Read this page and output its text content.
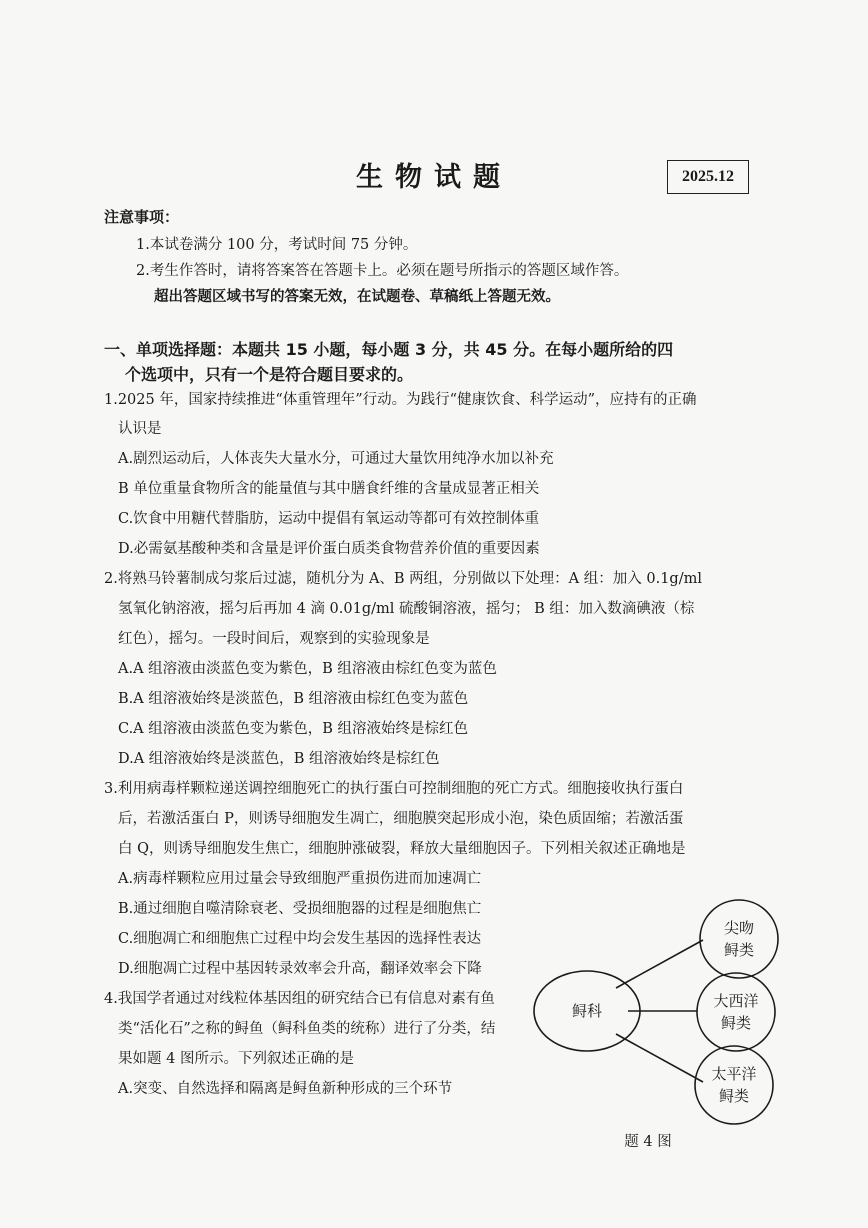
生物试题	2025.12
注意事项：
1.本试卷满分 100 分，考试时间 75 分钟。
2.考生作答时，请将答案答在答题卡上。必须在题号所指示的答题区域作答。
超出答题区域书写的答案无效，在试题卷、草稿纸上答题无效。
一、单项选择题：本题共 15 小题，每小题 3 分，共 45 分。在每小题所给的四
个选项中，只有一个是符合题目要求的。
1.2025 年，国家持续推进“体重管理年”行动。为践行“健康饮食、科学运动”，应持有的正确
认识是
A.剧烈运动后，人体丧失大量水分，可通过大量饮用纯净水加以补充
B 单位重量食物所含的能量值与其中膳食纤维的含量成显著正相关
C.饮食中用糖代替脂肪，运动中提倡有氧运动等都可有效控制体重
D.必需氨基酸种类和含量是评价蛋白质类食物营养价值的重要因素
2.将熟马铃薯制成匀浆后过滤，随机分为 A、B 两组，分别做以下处理：A 组：加入 0.1g/ml
氢氧化钠溶液，摇匀后再加 4 滴 0.01g/ml 硫酸铜溶液，摇匀； B 组：加入数滴碘液（棕
红色），摇匀。一段时间后，观察到的实验现象是
A.A 组溶液由淡蓝色变为紫色，B 组溶液由棕红色变为蓝色
B.A 组溶液始终是淡蓝色，B 组溶液由棕红色变为蓝色
C.A 组溶液由淡蓝色变为紫色，B 组溶液始终是棕红色
D.A 组溶液始终是淡蓝色，B 组溶液始终是棕红色
3.利用病毒样颗粒递送调控细胞死亡的执行蛋白可控制细胞的死亡方式。细胞接收执行蛋白
后，若激活蛋白 P，则诱导细胞发生凋亡，细胞膜突起形成小泡，染色质固缩；若激活蛋
白 Q，则诱导细胞发生焦亡，细胞肿涨破裂，释放大量细胞因子。下列相关叙述正确地是
A.病毒样颗粒应用过量会导致细胞严重损伤进而加速凋亡
B.通过细胞自噬清除衰老、受损细胞器的过程是细胞焦亡
C.细胞凋亡和细胞焦亡过程中均会发生基因的选择性表达
D.细胞凋亡过程中基因转录效率会升高，翻译效率会下降
4.我国学者通过对线粒体基因组的研究结合已有信息对素有鱼
类“活化石”之称的鲟鱼（鲟科鱼类的统称）进行了分类，结
果如题 4 图所示。下列叙述正确的是
A.突变、自然选择和隔离是鲟鱼新种形成的三个环节
鲟科
尖吻
鲟类
大西洋
鲟类
太平洋
鲟类
题 4 图
